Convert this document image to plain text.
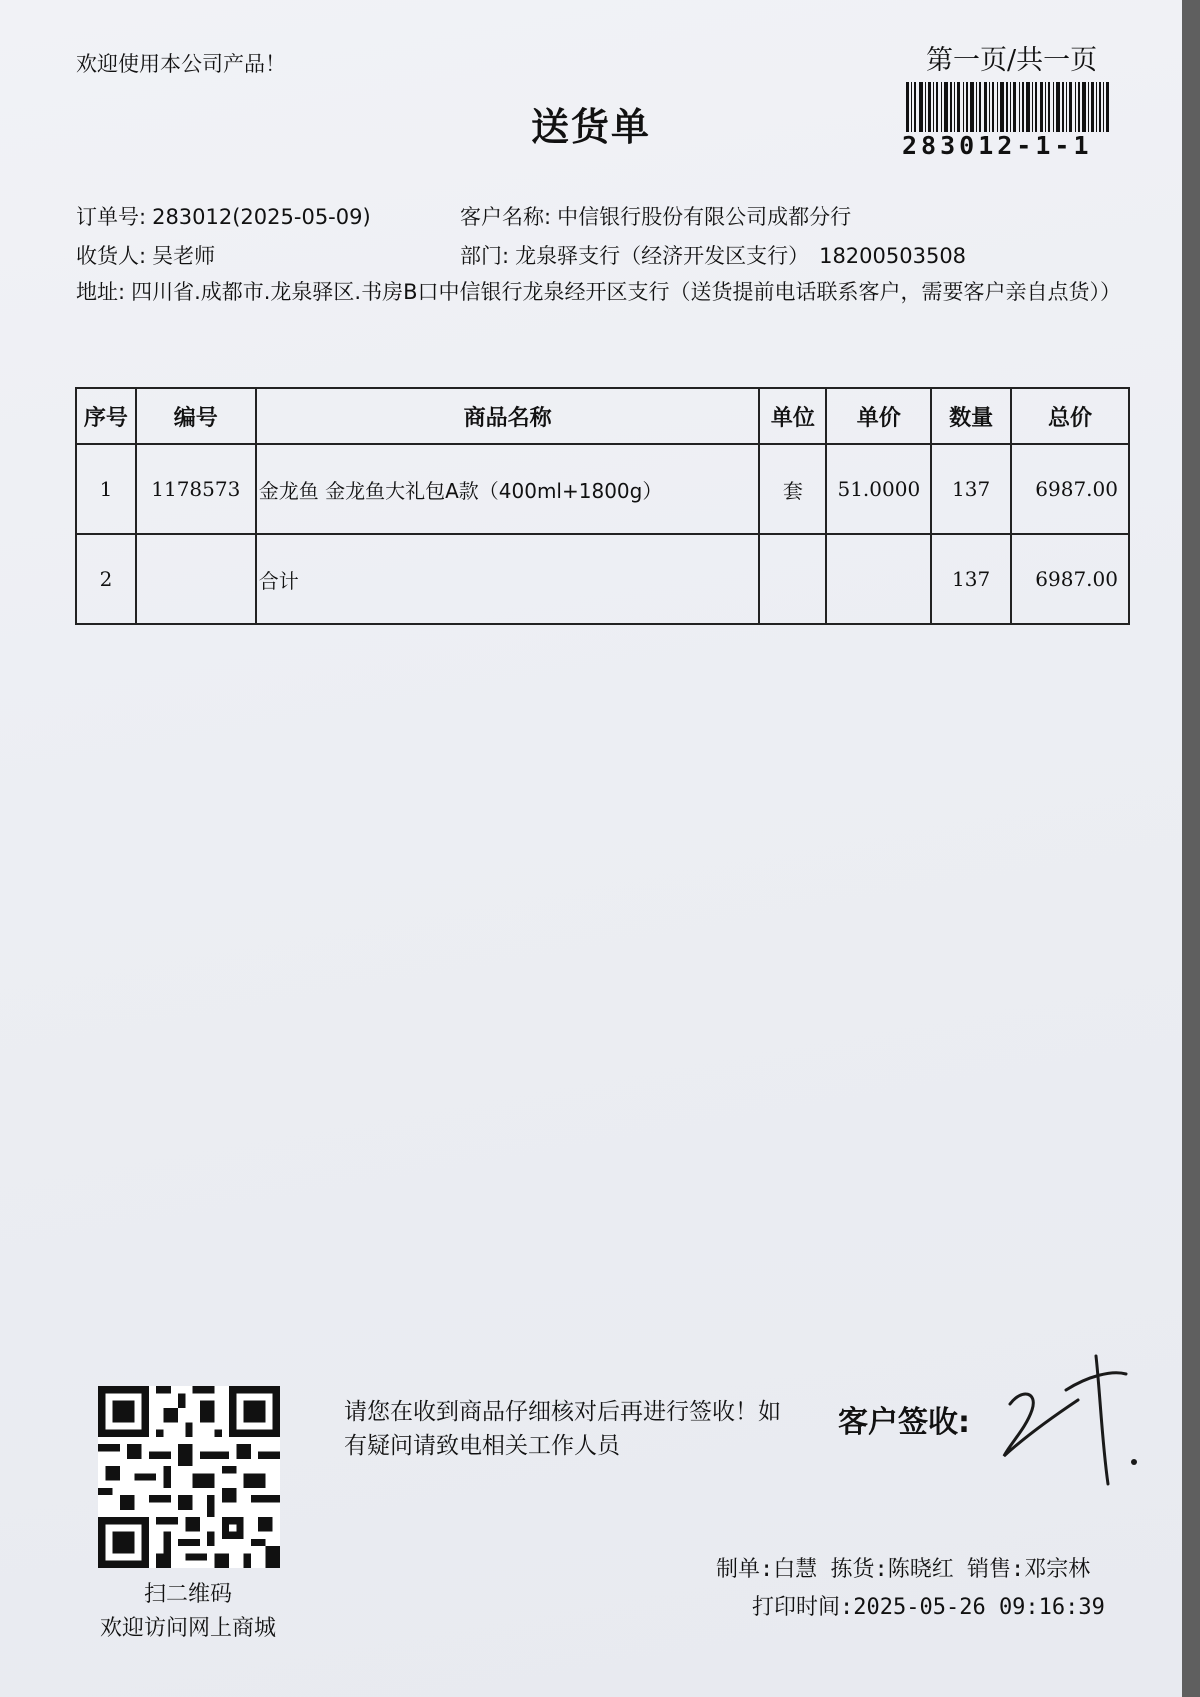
欢迎使用本公司产品！
送货单
第一页/共一页
283012-1-1
订单号: 283012(2025-05-09)	客户名称: 中信银行股份有限公司成都分行
收货人: 吴老师	部门: 龙泉驿支行（经济开发区支行） 18200503508
地址: 四川省.成都市.龙泉驿区.书房B口中信银行龙泉经开区支行（送货提前电话联系客户，需要客户亲自点货））
序号	编号	商品名称	单位	单价	数量	总价
1	1178573	金龙鱼 金龙鱼大礼包A款（400ml+1800g）	套	51.0000	137	6987.00
2		合计			137	6987.00
扫二维码
欢迎访问网上商城
请您在收到商品仔细核对后再进行签收！如有疑问请致电相关工作人员
客户签收:
制单:白慧 拣货:陈晓红 销售:邓宗林
打印时间:2025-05-26 09:16:39
